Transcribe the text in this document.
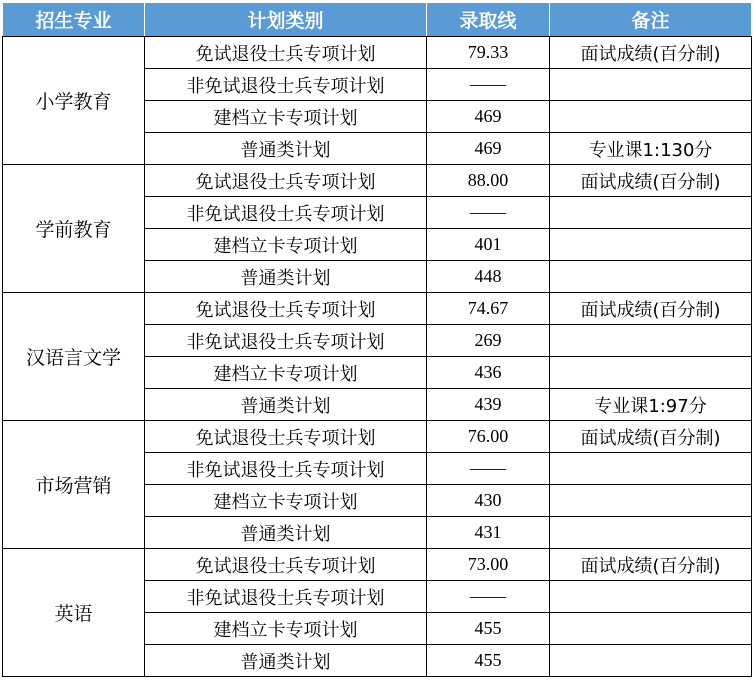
招生专业	计划类别	录取线	备注
小学教育	免试退役士兵专项计划	79.33	面试成绩(百分制)
	非免试退役士兵专项计划	——	
	建档立卡专项计划	469	
	普通类计划	469	专业课1:130分
学前教育	免试退役士兵专项计划	88.00	面试成绩(百分制)
	非免试退役士兵专项计划	——	
	建档立卡专项计划	401	
	普通类计划	448	
汉语言文学	免试退役士兵专项计划	74.67	面试成绩(百分制)
	非免试退役士兵专项计划	269	
	建档立卡专项计划	436	
	普通类计划	439	专业课1:97分
市场营销	免试退役士兵专项计划	76.00	面试成绩(百分制)
	非免试退役士兵专项计划	——	
	建档立卡专项计划	430	
	普通类计划	431	
英语	免试退役士兵专项计划	73.00	面试成绩(百分制)
	非免试退役士兵专项计划	——	
	建档立卡专项计划	455	
	普通类计划	455	
